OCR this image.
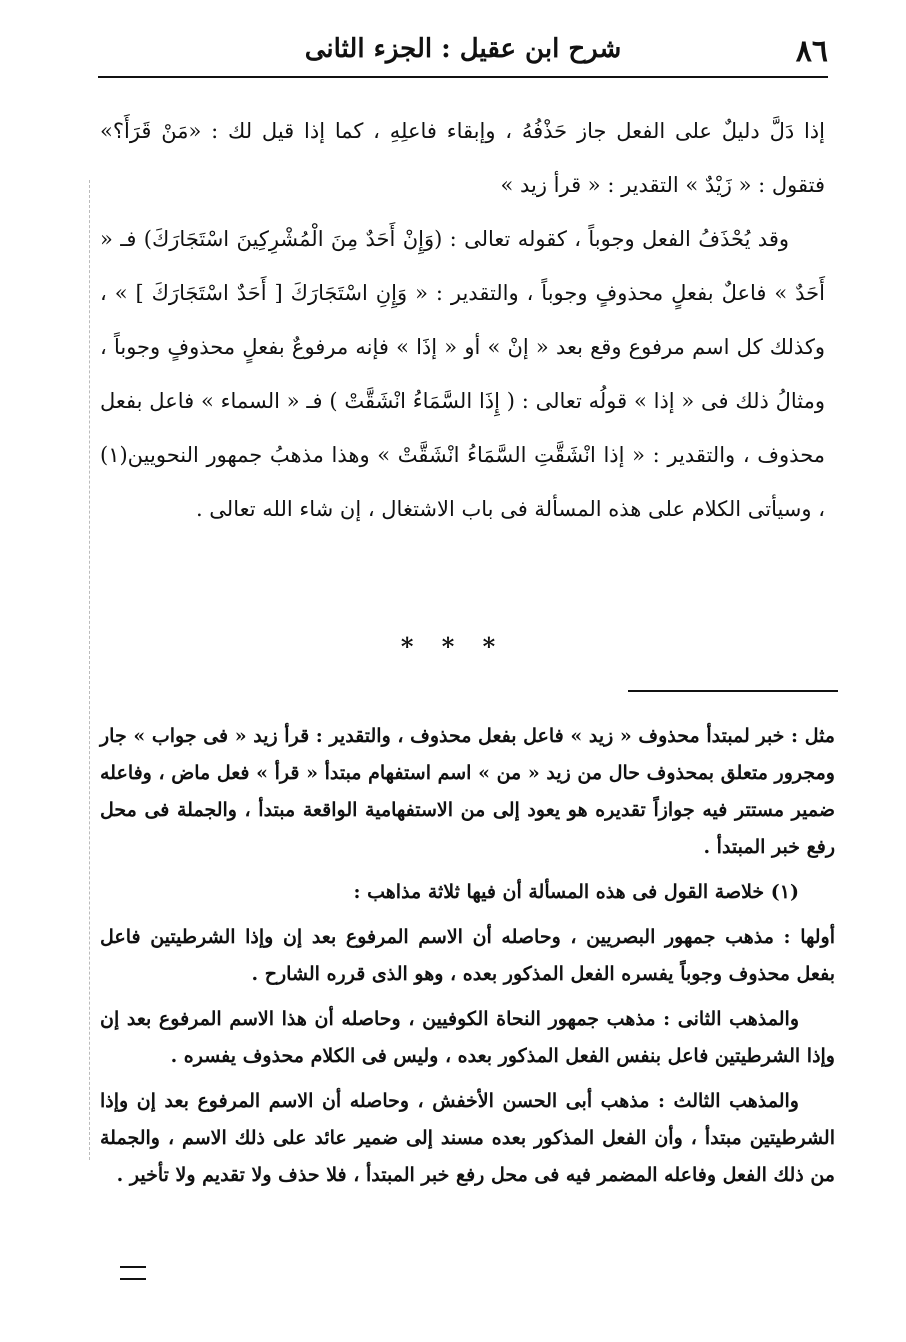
٨٦
شرح ابن عقيل : الجزء الثانى

إذا دَلَّ دليلٌ على الفعل جاز حَذْفُهُ ، وإبقاء فاعلِهِ ، كما إذا قيل لك : «مَنْ قَرَأَ؟» فتقول : « زَيْدٌ » التقدير : « قرأ زيد »

وقد يُحْذَفُ الفعل وجوباً ، كقوله تعالى : (وَإِنْ أَحَدٌ مِنَ الْمُشْرِكِينَ اسْتَجَارَكَ) فـ « أَحَدٌ » فاعلٌ بفعلٍ محذوفٍ وجوباً ، والتقدير : « وَإِنِ اسْتَجَارَكَ [ أَحَدٌ اسْتَجَارَكَ ] » ، وكذلك كل اسم مرفوع وقع بعد « إنْ » أو « إذَا » فإنه مرفوعٌ بفعلٍ محذوفٍ وجوباً ، ومثالُ ذلك فى « إذا » قولُه تعالى : ( إِذَا السَّمَاءُ انْشَقَّتْ ) فـ « السماء » فاعل بفعل محذوف ، والتقدير : « إذا انْشَقَّتِ السَّمَاءُ انْشَقَّتْ » وهذا مذهبُ جمهور النحويين(١) ، وسيأتى الكلام على هذه المسألة فى باب الاشتغال ، إن شاء الله تعالى .

* * *

مثل : خبر لمبتدأ محذوف « زيد » فاعل بفعل محذوف ، والتقدير : قرأ زيد « فى جواب » جار ومجرور متعلق بمحذوف حال من زيد « من » اسم استفهام مبتدأ « قرأ » فعل ماض ، وفاعله ضمير مستتر فيه جوازاً تقديره هو يعود إلى من الاستفهامية الواقعة مبتدأ ، والجملة فى محل رفع خبر المبتدأ .

(١) خلاصة القول فى هذه المسألة أن فيها ثلاثة مذاهب :

أولها : مذهب جمهور البصريين ، وحاصله أن الاسم المرفوع بعد إن وإذا الشرطيتين فاعل بفعل محذوف وجوباً يفسره الفعل المذكور بعده ، وهو الذى قرره الشارح .

والمذهب الثانى : مذهب جمهور النحاة الكوفيين ، وحاصله أن هذا الاسم المرفوع بعد إن وإذا الشرطيتين فاعل بنفس الفعل المذكور بعده ، وليس فى الكلام محذوف يفسره .

والمذهب الثالث : مذهب أبى الحسن الأخفش ، وحاصله أن الاسم المرفوع بعد إن وإذا الشرطيتين مبتدأ ، وأن الفعل المذكور بعده مسند إلى ضمير عائد على ذلك الاسم ، والجملة من ذلك الفعل وفاعله المضمر فيه فى محل رفع خبر المبتدأ ، فلا حذف ولا تقديم ولا تأخير .
